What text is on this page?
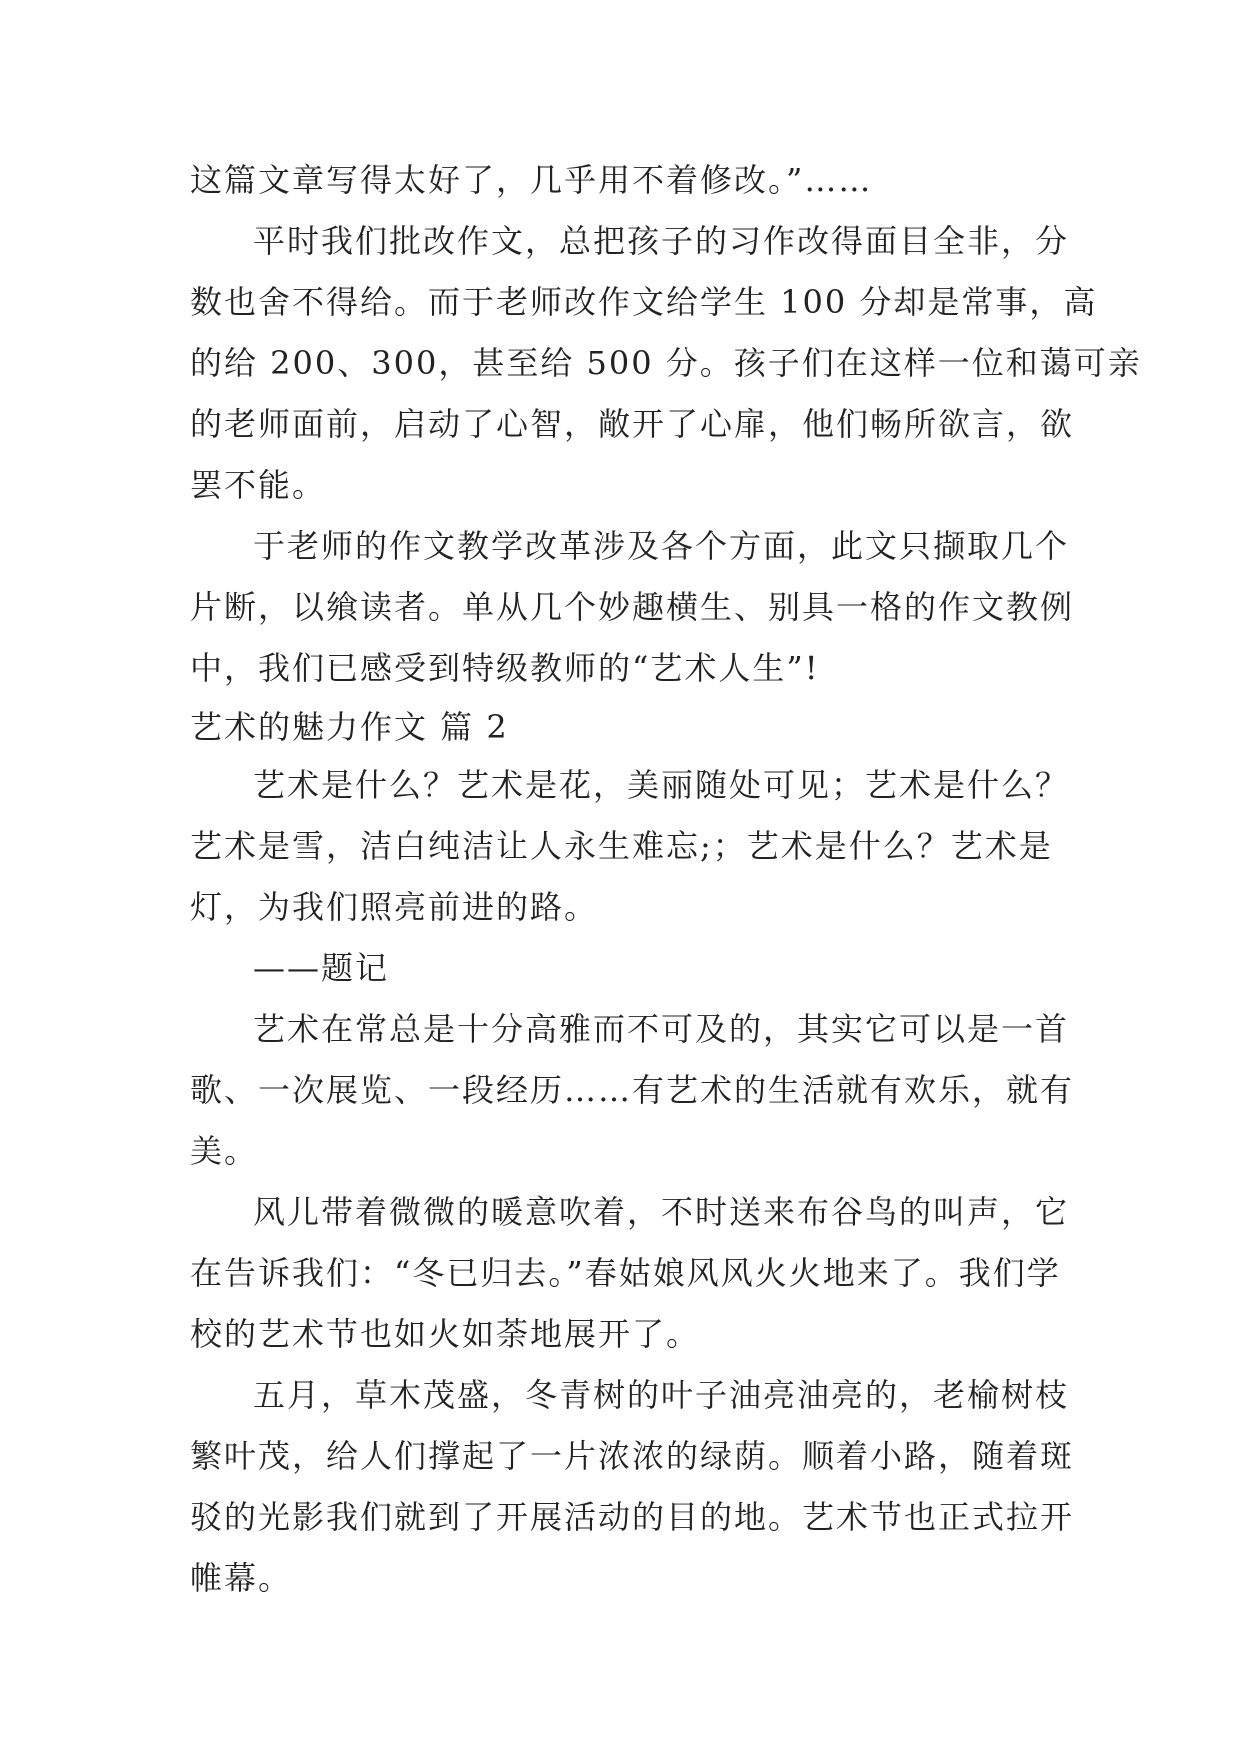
这篇文章写得太好了，几乎用不着修改。”……
平时我们批改作文，总把孩子的习作改得面目全非，分
数也舍不得给。而于老师改作文给学生 100 分却是常事，高
的给 200、300，甚至给 500 分。孩子们在这样一位和蔼可亲
的老师面前，启动了心智，敞开了心扉，他们畅所欲言，欲
罢不能。
于老师的作文教学改革涉及各个方面，此文只撷取几个
片断，以飨读者。单从几个妙趣横生、别具一格的作文教例
中，我们已感受到特级教师的“艺术人生”!
艺术的魅力作文 篇 2
艺术是什么？艺术是花，美丽随处可见；艺术是什么？
艺术是雪，洁白纯洁让人永生难忘;；艺术是什么？艺术是
灯，为我们照亮前进的路。
——题记
艺术在常总是十分高雅而不可及的，其实它可以是一首
歌、一次展览、一段经历……有艺术的生活就有欢乐，就有
美。
风儿带着微微的暖意吹着，不时送来布谷鸟的叫声，它
在告诉我们：“冬已归去。”春姑娘风风火火地来了。我们学
校的艺术节也如火如荼地展开了。
五月，草木茂盛，冬青树的叶子油亮油亮的，老榆树枝
繁叶茂，给人们撑起了一片浓浓的绿荫。顺着小路，随着斑
驳的光影我们就到了开展活动的目的地。艺术节也正式拉开
帷幕。
